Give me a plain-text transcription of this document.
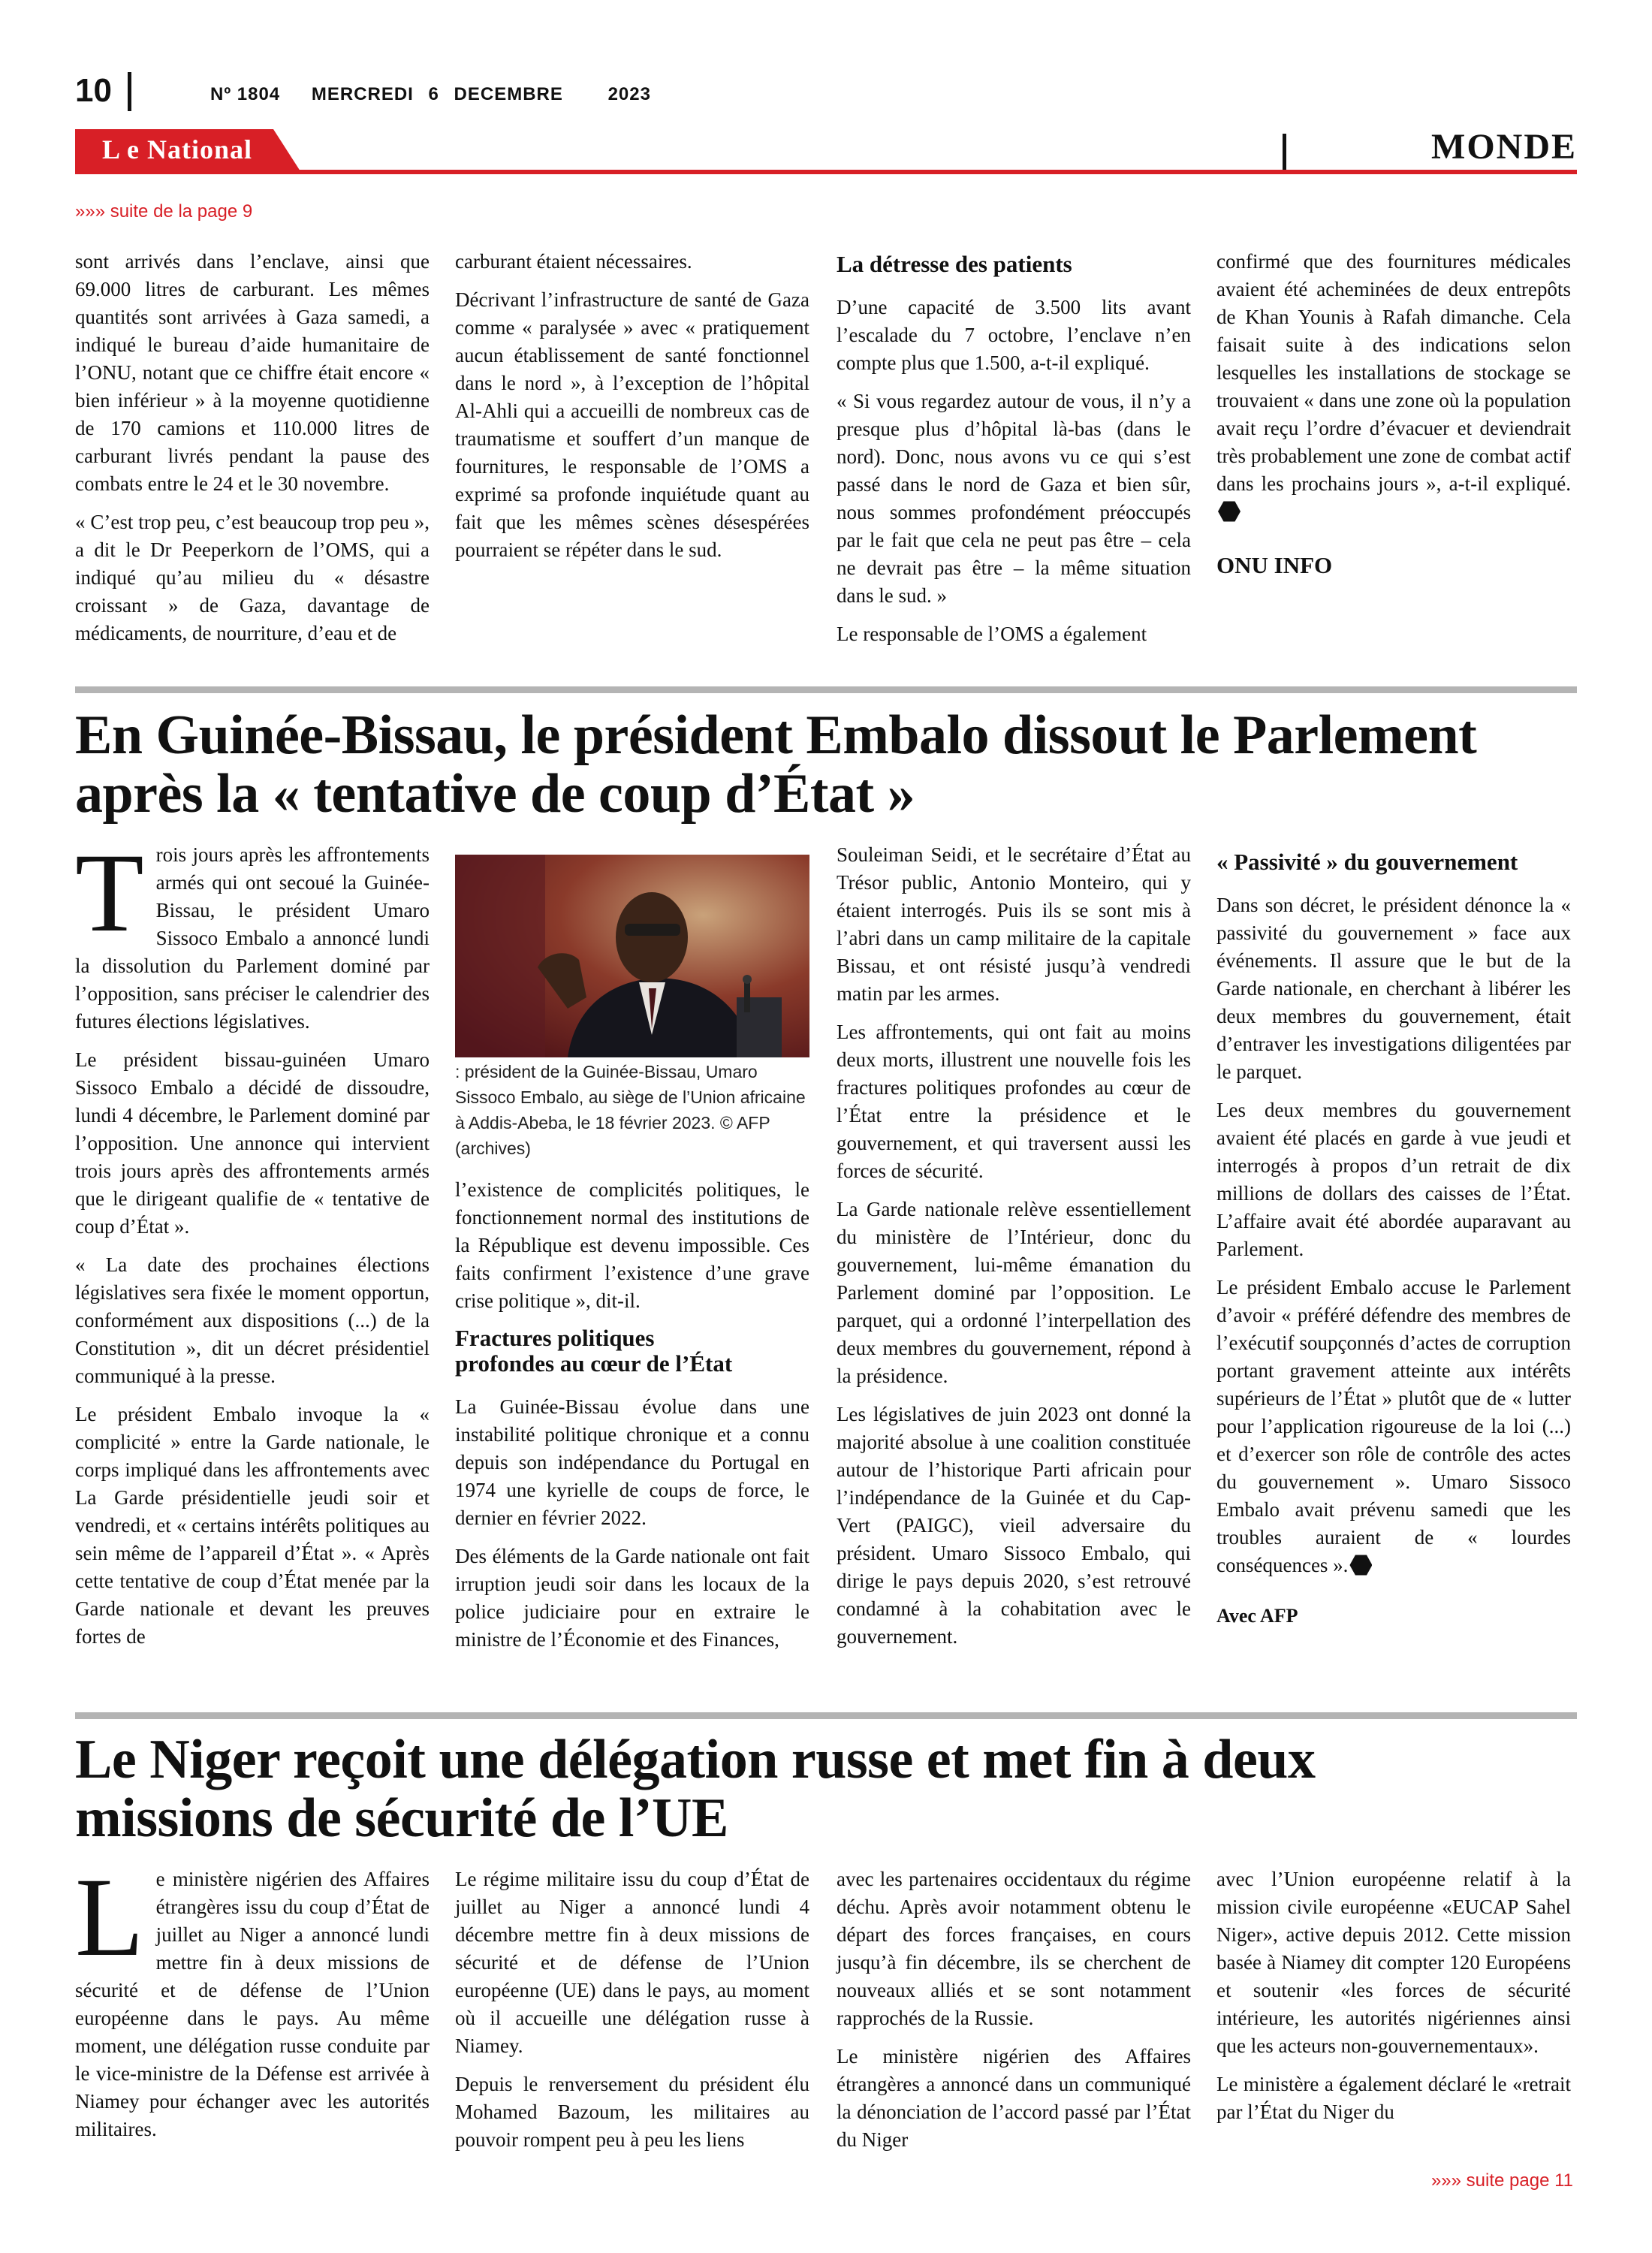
10	Nº 1804 MERCREDI 6 DECEMBRE 2023
L e National	MONDE
»»» suite de la page 9

sont arrivés dans l’enclave, ainsi que 69.000 litres de carburant. Les mêmes quantités sont arrivées à Gaza samedi, a indiqué le bureau d’aide humanitaire de l’ONU, notant que ce chiffre était encore « bien inférieur » à la moyenne quotidienne de 170 camions et 110.000 litres de carburant livrés pendant la pause des combats entre le 24 et le 30 novembre.

« C’est trop peu, c’est beaucoup trop peu », a dit le Dr Peeperkorn de l’OMS, qui a indiqué qu’au milieu du « désastre croissant » de Gaza, davantage de médicaments, de nourriture, d’eau et de

carburant étaient nécessaires.

Décrivant l’infrastructure de santé de Gaza comme « paralysée » avec « pratiquement aucun établissement de santé fonctionnel dans le nord », à l’exception de l’hôpital Al-Ahli qui a accueilli de nombreux cas de traumatisme et souffert d’un manque de fournitures, le responsable de l’OMS a exprimé sa profonde inquiétude quant au fait que les mêmes scènes désespérées pourraient se répéter dans le sud.

La détresse des patients

D’une capacité de 3.500 lits avant l’escalade du 7 octobre, l’enclave n’en compte plus que 1.500, a-t-il expliqué.

« Si vous regardez autour de vous, il n’y a presque plus d’hôpital là-bas (dans le nord). Donc, nous avons vu ce qui s’est passé dans le nord de Gaza et bien sûr, nous sommes profondément préoccupés par le fait que cela ne peut pas être – cela ne devrait pas être – la même situation dans le sud. »

Le responsable de l’OMS a également

confirmé que des fournitures médicales avaient été acheminées de deux entrepôts de Khan Younis à Rafah dimanche. Cela faisait suite à des indications selon lesquelles les installations de stockage se trouvaient « dans une zone où la population avait reçu l’ordre d’évacuer et deviendrait très probablement une zone de combat actif dans les prochains jours », a-t-il expliqué.

ONU INFO
En Guinée-Bissau, le président Embalo dissout le Parlement
après la « tentative de coup d’État »

Trois jours après les affrontements armés qui ont secoué la Guinée-Bissau, le président Umaro Sissoco Embalo a annoncé lundi la dissolution du Parlement dominé par l’opposition, sans préciser le calendrier des futures élections législatives.

Le président bissau-guinéen Umaro Sissoco Embalo a décidé de dissoudre, lundi 4 décembre, le Parlement dominé par l’opposition. Une annonce qui intervient trois jours après des affrontements armés que le dirigeant qualifie de « tentative de coup d’État ».

« La date des prochaines élections législatives sera fixée le moment opportun, conformément aux dispositions (...) de la Constitution », dit un décret présidentiel communiqué à la presse.

Le président Embalo invoque la « complicité » entre la Garde nationale, le corps impliqué dans les affrontements avec La Garde présidentielle jeudi soir et vendredi, et « certains intérêts politiques au sein même de l’appareil d’État ». « Après cette tentative de coup d’État menée par la Garde nationale et devant les preuves fortes de

: président de la Guinée-Bissau, Umaro Sissoco Embalo, au siège de l’Union africaine à Addis-Abeba, le 18 février 2023. © AFP (archives)

l’existence de complicités politiques, le fonctionnement normal des institutions de la République est devenu impossible. Ces faits confirment l’existence d’une grave crise politique », dit-il.

Fractures politiques
profondes au cœur de l’État

La Guinée-Bissau évolue dans une instabilité politique chronique et a connu depuis son indépendance du Portugal en 1974 une kyrielle de coups de force, le dernier en février 2022.

Des éléments de la Garde nationale ont fait irruption jeudi soir dans les locaux de la police judiciaire pour en extraire le ministre de l’Économie et des Finances,

Souleiman Seidi, et le secrétaire d’État au Trésor public, Antonio Monteiro, qui y étaient interrogés. Puis ils se sont mis à l’abri dans un camp militaire de la capitale Bissau, et ont résisté jusqu’à vendredi matin par les armes.

Les affrontements, qui ont fait au moins deux morts, illustrent une nouvelle fois les fractures politiques profondes au cœur de l’État entre la présidence et le gouvernement, et qui traversent aussi les forces de sécurité.

La Garde nationale relève essentiellement du ministère de l’Intérieur, donc du gouvernement, lui-même émanation du Parlement dominé par l’opposition. Le parquet, qui a ordonné l’interpellation des deux membres du gouvernement, répond à la présidence.

Les législatives de juin 2023 ont donné la majorité absolue à une coalition constituée autour de l’historique Parti africain pour l’indépendance de la Guinée et du Cap-Vert (PAIGC), vieil adversaire du président. Umaro Sissoco Embalo, qui dirige le pays depuis 2020, s’est retrouvé condamné à la cohabitation avec le gouvernement.

« Passivité » du gouvernement

Dans son décret, le président dénonce la « passivité du gouvernement » face aux événements. Il assure que le but de la Garde nationale, en cherchant à libérer les deux membres du gouvernement, était d’entraver les investigations diligentées par le parquet.

Les deux membres du gouvernement avaient été placés en garde à vue jeudi et interrogés à propos d’un retrait de dix millions de dollars des caisses de l’État. L’affaire avait été abordée auparavant au Parlement.

Le président Embalo accuse le Parlement d’avoir « préféré défendre des membres de l’exécutif soupçonnés d’actes de corruption portant gravement atteinte aux intérêts supérieurs de l’État » plutôt que de « lutter pour l’application rigoureuse de la loi (...) et d’exercer son rôle de contrôle des actes du gouvernement ». Umaro Sissoco Embalo avait prévenu samedi que les troubles auraient de « lourdes conséquences ».

Avec AFP
Le Niger reçoit une délégation russe et met fin à deux
missions de sécurité de l’UE

Le ministère nigérien des Affaires étrangères issu du coup d’État de juillet au Niger a annoncé lundi mettre fin à deux missions de sécurité et de défense de l’Union européenne dans le pays. Au même moment, une délégation russe conduite par le vice-ministre de la Défense est arrivée à Niamey pour échanger avec les autorités militaires.

Le régime militaire issu du coup d’État de juillet au Niger a annoncé lundi 4 décembre mettre fin à deux missions de sécurité et de défense de l’Union européenne (UE) dans le pays, au moment où il accueille une délégation russe à Niamey.

Depuis le renversement du président élu Mohamed Bazoum, les militaires au pouvoir rompent peu à peu les liens

avec les partenaires occidentaux du régime déchu. Après avoir notamment obtenu le départ des forces françaises, en cours jusqu’à fin décembre, ils se cherchent de nouveaux alliés et se sont notamment rapprochés de la Russie.

Le ministère nigérien des Affaires étrangères a annoncé dans un communiqué la dénonciation de l’accord passé par l’État du Niger

avec l’Union européenne relatif à la mission civile européenne «EUCAP Sahel Niger», active depuis 2012. Cette mission basée à Niamey dit compter 120 Européens et soutenir «les forces de sécurité intérieure, les autorités nigériennes ainsi que les acteurs non-gouvernementaux».

Le ministère a également déclaré le «retrait par l’État du Niger du

»»» suite page 11
